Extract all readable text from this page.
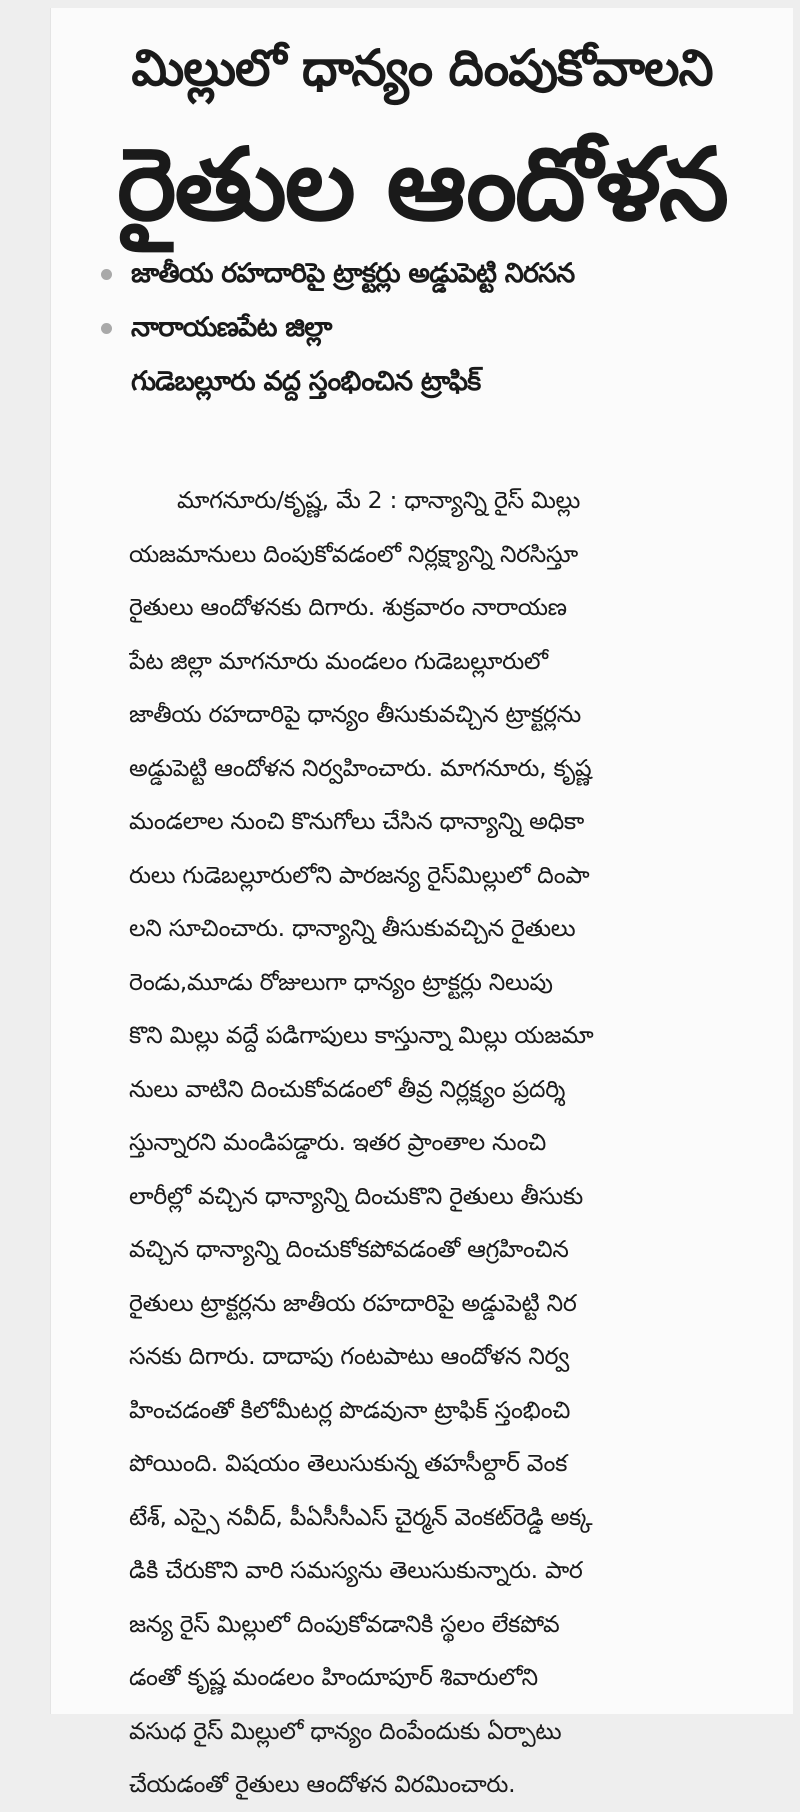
మిల్లులో ధాన్యం దింపుకోవాలని
రైతుల ఆందోళన
జాతీయ రహదారిపై ట్రాక్టర్లు అడ్డుపెట్టి నిరసన
నారాయణపేట జిల్లా
గుడెబల్లూరు వద్ద స్తంభించిన ట్రాఫిక్
మాగనూరు/కృష్ణ, మే 2 : ధాన్యాన్ని రైస్ మిల్లు
యజమానులు దింపుకోవడంలో నిర్లక్ష్యాన్ని నిరసిస్తూ
రైతులు ఆందోళనకు దిగారు. శుక్రవారం నారాయణ
పేట జిల్లా మాగనూరు మండలం గుడెబల్లూరులో
జాతీయ రహదారిపై ధాన్యం తీసుకువచ్చిన ట్రాక్టర్లను
అడ్డుపెట్టి ఆందోళన నిర్వహించారు. మాగనూరు, కృష్ణ
మండలాల నుంచి కొనుగోలు చేసిన ధాన్యాన్ని అధికా
రులు గుడెబల్లూరులోని పారజన్య రైస్‌మిల్లులో దింపా
లని సూచించారు. ధాన్యాన్ని తీసుకువచ్చిన రైతులు
రెండు,మూడు రోజులుగా ధాన్యం ట్రాక్టర్లు నిలుపు
కొని మిల్లు వద్దే పడిగాపులు కాస్తున్నా మిల్లు యజమా
నులు వాటిని దించుకోవడంలో తీవ్ర నిర్లక్ష్యం ప్రదర్శి
స్తున్నారని మండిపడ్డారు. ఇతర ప్రాంతాల నుంచి
లారీల్లో వచ్చిన ధాన్యాన్ని దించుకొని రైతులు తీసుకు
వచ్చిన ధాన్యాన్ని దించుకోకపోవడంతో ఆగ్రహించిన
రైతులు ట్రాక్టర్లను జాతీయ రహదారిపై అడ్డుపెట్టి నిర
సనకు దిగారు. దాదాపు గంటపాటు ఆందోళన నిర్వ
హించడంతో కిలోమీటర్ల పొడవునా ట్రాఫిక్ స్తంభించి
పోయింది. విషయం తెలుసుకున్న తహసీల్దార్ వెంక
టేశ్, ఎస్సై నవీద్, పీఏసీసీఎస్ చైర్మన్ వెంకట్‌రెడ్డి అక్క
డికి చేరుకొని వారి సమస్యను తెలుసుకున్నారు. పార
జన్య రైస్ మిల్లులో దింపుకోవడానికి స్థలం లేకపోవ
డంతో కృష్ణ మండలం హిందూపూర్ శివారులోని
వసుధ రైస్ మిల్లులో ధాన్యం దింపేందుకు ఏర్పాటు
చేయడంతో రైతులు ఆందోళన విరమించారు.
